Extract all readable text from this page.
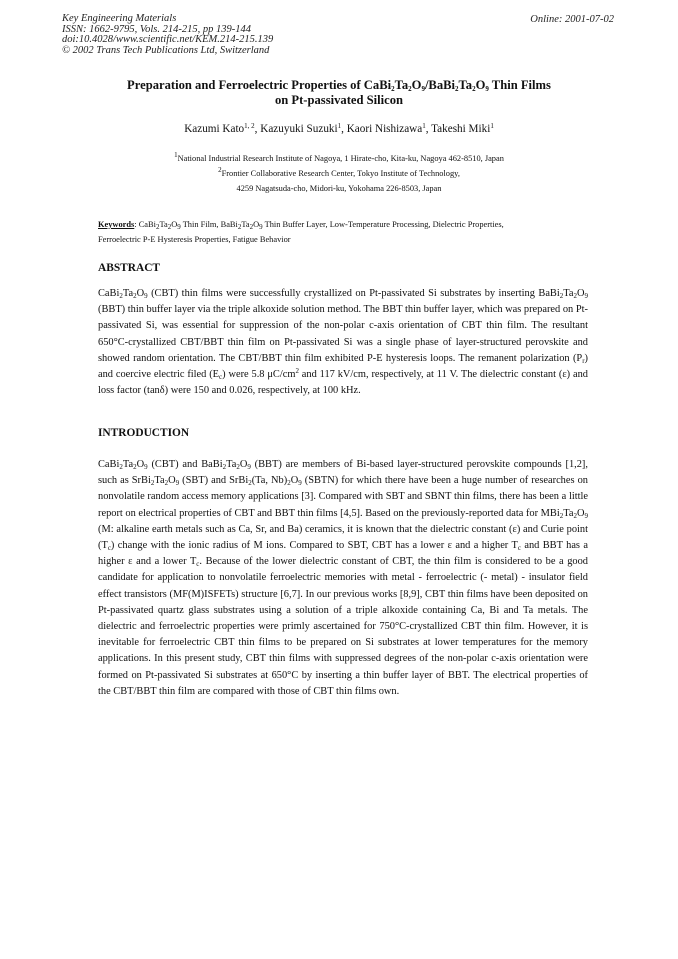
Key Engineering Materials
ISSN: 1662-9795, Vols. 214-215, pp 139-144
doi:10.4028/www.scientific.net/KEM.214-215.139
© 2002 Trans Tech Publications Ltd, Switzerland
Online: 2001-07-02
Preparation and Ferroelectric Properties of $CaBi_2Ta_2O_9/BaBi_2Ta_2O_9$ Thin Films
on Pt-passivated Silicon
Kazumi Kato$^{1, 2}$, Kazuyuki Suzuki$^1$, Kaori Nishizawa$^1$, Takeshi Miki$^1$
$^1$National Industrial Research Institute of Nagoya, 1 Hirate-cho, Kita-ku, Nagoya 462-8510, Japan
$^2$Frontier Collaborative Research Center, Tokyo Institute of Technology,
4259 Nagatsuda-cho, Midori-ku, Yokohama 226-8503, Japan
Keywords: $CaBi_2Ta_2O_9$ Thin Film, $BaBi_2Ta_2O_9$ Thin Buffer Layer, Low-Temperature Processing, Dielectric Properties,
Ferroelectric P-E Hysteresis Properties, Fatigue Behavior
ABSTRACT

$CaBi_2Ta_2O_9$ (CBT) thin films were successfully crystallized on Pt-passivated Si substrates by inserting $BaBi_2Ta_2O_9$ (BBT) thin buffer layer via the triple alkoxide solution method. The BBT thin buffer layer, which was prepared on Pt-passivated Si, was essential for suppression of the non-polar c-axis orientation of CBT thin film. The resultant 650°C-crystallized CBT/BBT thin film on Pt-passivated Si was a single phase of layer-structured perovskite and showed random orientation. The CBT/BBT thin film exhibited P-E hysteresis loops. The remanent polarization $(P_r)$ and coercive electric filed $(E_c)$ were 5.8 $\mu C/cm^2$ and 117 kV/cm, respectively, at 11 V. The dielectric constant (ε) and loss factor (tanδ) were 150 and 0.026, respectively, at 100 kHz.

INTRODUCTION

$CaBi_2Ta_2O_9$ (CBT) and $BaBi_2Ta_2O_9$ (BBT) are members of Bi-based layer-structured perovskite compounds [1,2], such as $SrBi_2Ta_2O_9$ (SBT) and SrBi$_2$(Ta, $Nb)_2O_9$ (SBTN) for which there have been a huge number of researches on nonvolatile random access memory applications [3]. Compared with SBT and SBNT thin films, there has been a little report on electrical properties of CBT and BBT thin films [4,5]. Based on the previously-reported data for $MBi_2Ta_2O_9$ (M: alkaline earth metals such as Ca, Sr, and Ba) ceramics, it is known that the dielectric constant (ε) and Curie point $(T_c)$ change with the ionic radius of M ions. Compared to SBT, CBT has a lower ε and a higher $T_c$ and BBT has a higher ε and a lower $T_c$. Because of the lower dielectric constant of CBT, the thin film is considered to be a good candidate for application to nonvolatile ferroelectric memories with metal - ferroelectric (- metal) - insulator field effect transistors (MF(M)ISFETs) structure [6,7]. In our previous works [8,9], CBT thin films have been deposited on Pt-passivated quartz glass substrates using a solution of a triple alkoxide containing Ca, Bi and Ta metals. The dielectric and ferroelectric properties were primly ascertained for 750°C-crystallized CBT thin film. However, it is inevitable for ferroelectric CBT thin films to be prepared on Si substrates at lower temperatures for the memory applications. In this present study, CBT thin films with suppressed degrees of the non-polar c-axis orientation were formed on Pt-passivated Si substrates at 650°C by inserting a thin buffer layer of BBT. The electrical properties of the CBT/BBT thin film are compared with those of CBT thin films own.
